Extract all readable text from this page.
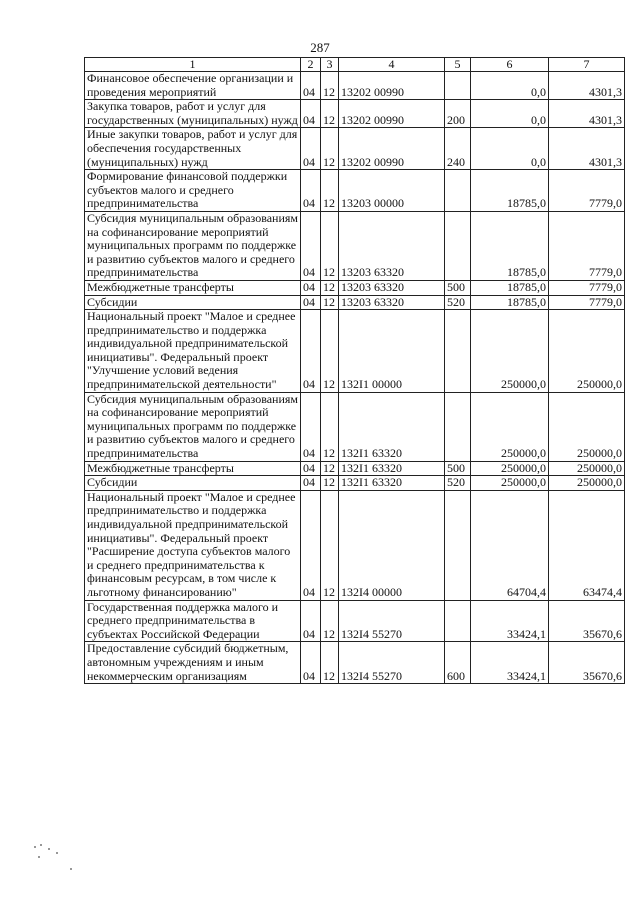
287
1	2	3	4	5	6	7
Финансовое обеспечение организации и проведения мероприятий	04	12	13202 00990		0,0	4301,3
Закупка товаров, работ и услуг для государственных (муниципальных) нужд	04	12	13202 00990	200	0,0	4301,3
Иные закупки товаров, работ и услуг для обеспечения государственных (муниципальных) нужд	04	12	13202 00990	240	0,0	4301,3
Формирование финансовой поддержки субъектов малого и среднего предпринимательства	04	12	13203 00000		18785,0	7779,0
Субсидия муниципальным образованиям на софинансирование мероприятий муниципальных программ по поддержке и развитию субъектов малого и среднего предпринимательства	04	12	13203 63320		18785,0	7779,0
Межбюджетные трансферты	04	12	13203 63320	500	18785,0	7779,0
Субсидии	04	12	13203 63320	520	18785,0	7779,0
Национальный проект "Малое и среднее предпринимательство и поддержка индивидуальной предпринимательской инициативы". Федеральный проект "Улучшение условий ведения предпринимательской деятельности"	04	12	132I1 00000		250000,0	250000,0
Субсидия муниципальным образованиям на софинансирование мероприятий муниципальных программ по поддержке и развитию субъектов малого и среднего предпринимательства	04	12	132I1 63320		250000,0	250000,0
Межбюджетные трансферты	04	12	132I1 63320	500	250000,0	250000,0
Субсидии	04	12	132I1 63320	520	250000,0	250000,0
Национальный проект "Малое и среднее предпринимательство и поддержка индивидуальной предпринимательской инициативы". Федеральный проект "Расширение доступа субъектов малого и среднего предпринимательства к финансовым ресурсам, в том числе к льготному финансированию"	04	12	132I4 00000		64704,4	63474,4
Государственная поддержка малого и среднего предпринимательства в субъектах Российской Федерации	04	12	132I4 55270		33424,1	35670,6
Предоставление субсидий бюджетным, автономным учреждениям и иным некоммерческим организациям	04	12	132I4 55270	600	33424,1	35670,6
